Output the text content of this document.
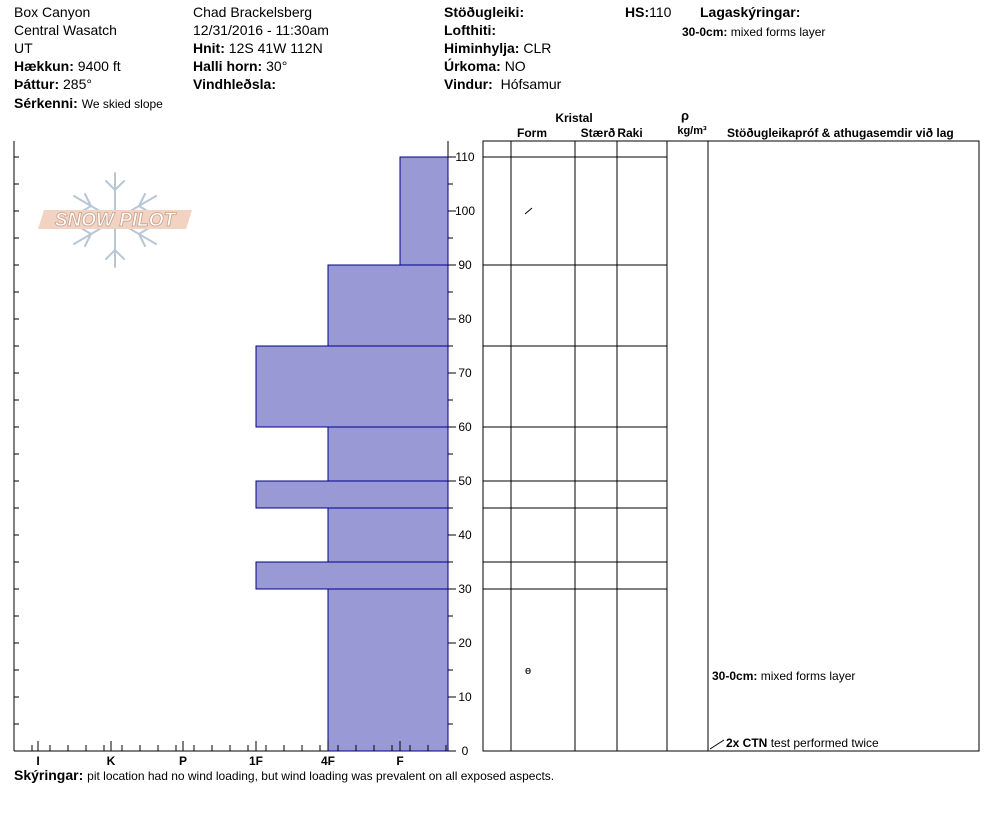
Box Canyon
Central Wasatch
UT
Hækkun: 9400 ft
Þáttur: 285°
Sérkenni: We skied slope
Chad Brackelsberg
12/31/2016 - 11:30am
Hnit: 12S 41W 112N
Halli horn: 30°
Vindhleðsla:
Stöðugleiki:
Lofthiti:
Himinhylja: CLR
Úrkoma: NO
Vindur: Hófsamur
HS:110 Lagaskýringar:
30-0cm: mixed forms layer
SNOW PILOT
I	K	P	1F	4F	F
0
10
20
30
40
50
60
70
80
90
100
110
ɵ
Kristal
Form	Stærð Raki
ρ
kg/m³ Stöðugleikapróf & athugasemdir við lag
30-0cm: mixed forms layer
2x CTN test performed twice
Skýringar: pit location had no wind loading, but wind loading was prevalent on all exposed aspects.
